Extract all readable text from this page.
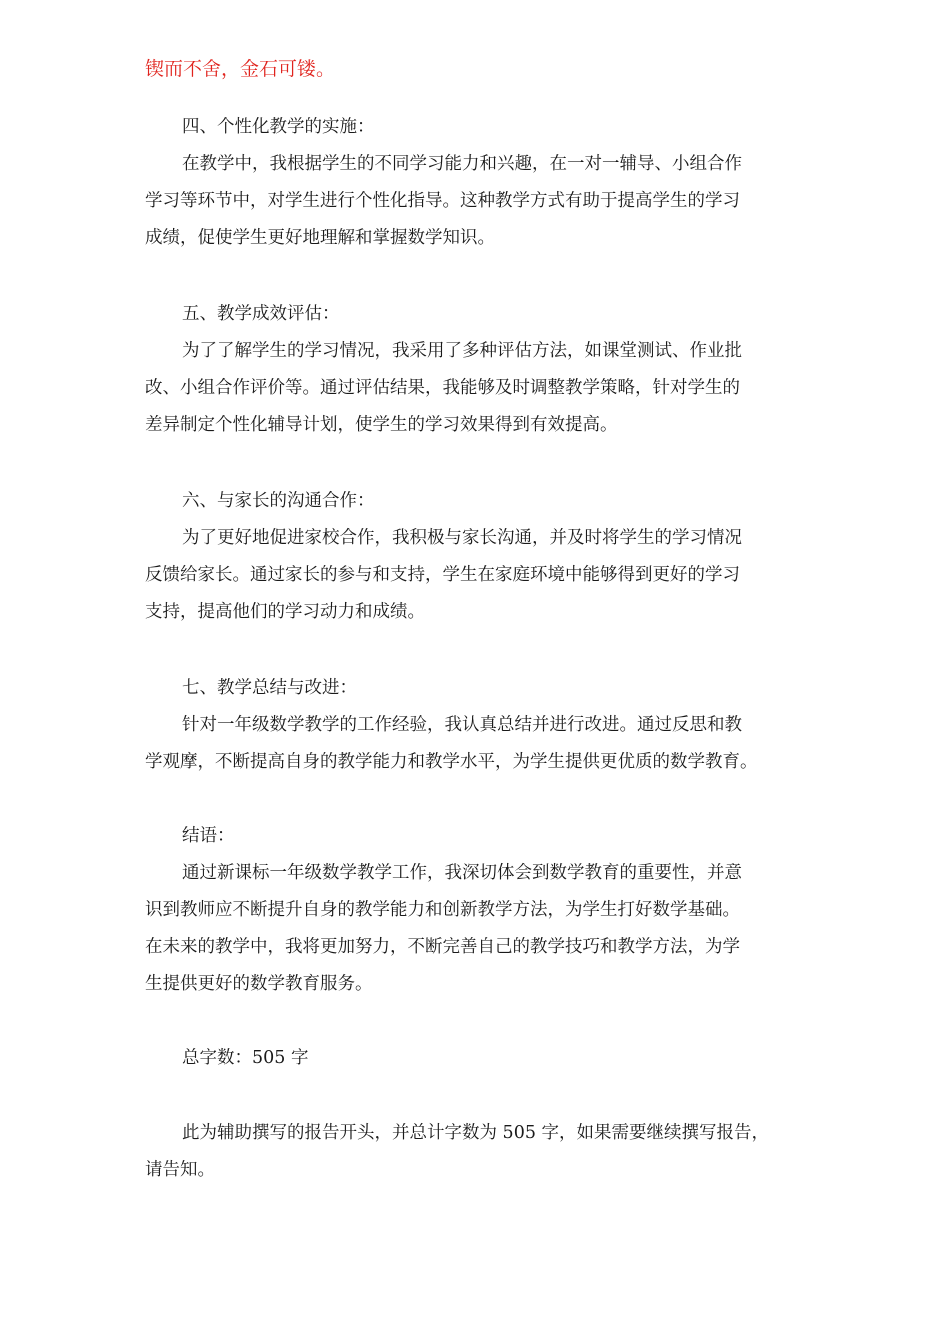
锲而不舍，金石可镂。
四、个性化教学的实施：
在教学中，我根据学生的不同学习能力和兴趣，在一对一辅导、小组合作
学习等环节中，对学生进行个性化指导。这种教学方式有助于提高学生的学习
成绩，促使学生更好地理解和掌握数学知识。
五、教学成效评估：
为了了解学生的学习情况，我采用了多种评估方法，如课堂测试、作业批
改、小组合作评价等。通过评估结果，我能够及时调整教学策略，针对学生的
差异制定个性化辅导计划，使学生的学习效果得到有效提高。
六、与家长的沟通合作：
为了更好地促进家校合作，我积极与家长沟通，并及时将学生的学习情况
反馈给家长。通过家长的参与和支持，学生在家庭环境中能够得到更好的学习
支持，提高他们的学习动力和成绩。
七、教学总结与改进：
针对一年级数学教学的工作经验，我认真总结并进行改进。通过反思和教
学观摩，不断提高自身的教学能力和教学水平，为学生提供更优质的数学教育。
结语：
通过新课标一年级数学教学工作，我深切体会到数学教育的重要性，并意
识到教师应不断提升自身的教学能力和创新教学方法，为学生打好数学基础。
在未来的教学中，我将更加努力，不断完善自己的教学技巧和教学方法，为学
生提供更好的数学教育服务。
总字数：505 字
此为辅助撰写的报告开头，并总计字数为 505 字，如果需要继续撰写报告，
请告知。
